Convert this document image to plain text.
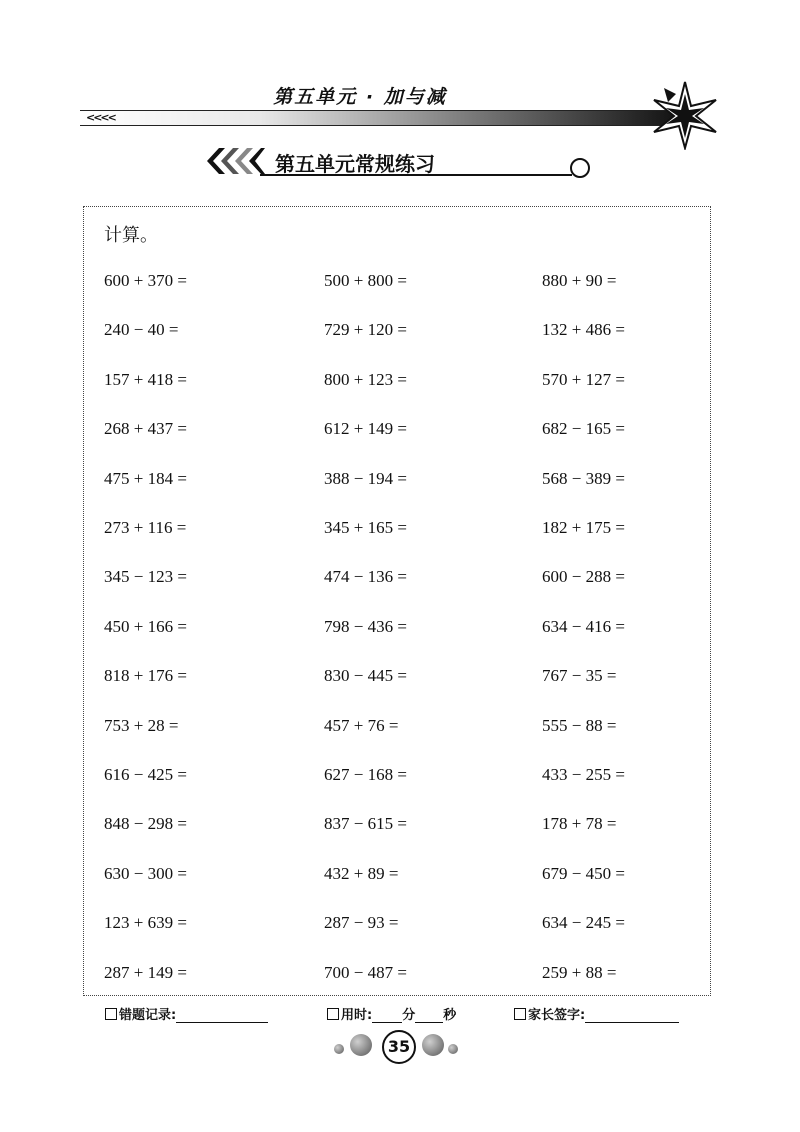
第五单元 · 加与减
<<<<
第五单元常规练习
计算。
600 + 370 =	500 + 800 =	880 + 90 =
240 − 40 =	729 + 120 =	132 + 486 =
157 + 418 =	800 + 123 =	570 + 127 =
268 + 437 =	612 + 149 =	682 − 165 =
475 + 184 =	388 − 194 =	568 − 389 =
273 + 116 =	345 + 165 =	182 + 175 =
345 − 123 =	474 − 136 =	600 − 288 =
450 + 166 =	798 − 436 =	634 − 416 =
818 + 176 =	830 − 445 =	767 − 35 =
753 + 28 =	457 + 76 =	555 − 88 =
616 − 425 =	627 − 168 =	433 − 255 =
848 − 298 =	837 − 615 =	178 + 78 =
630 − 300 =	432 + 89 =	679 − 450 =
123 + 639 =	287 − 93 =	634 − 245 =
287 + 149 =	700 − 487 =	259 + 88 =
错题记录:	用时: 分 秒	家长签字:
35
